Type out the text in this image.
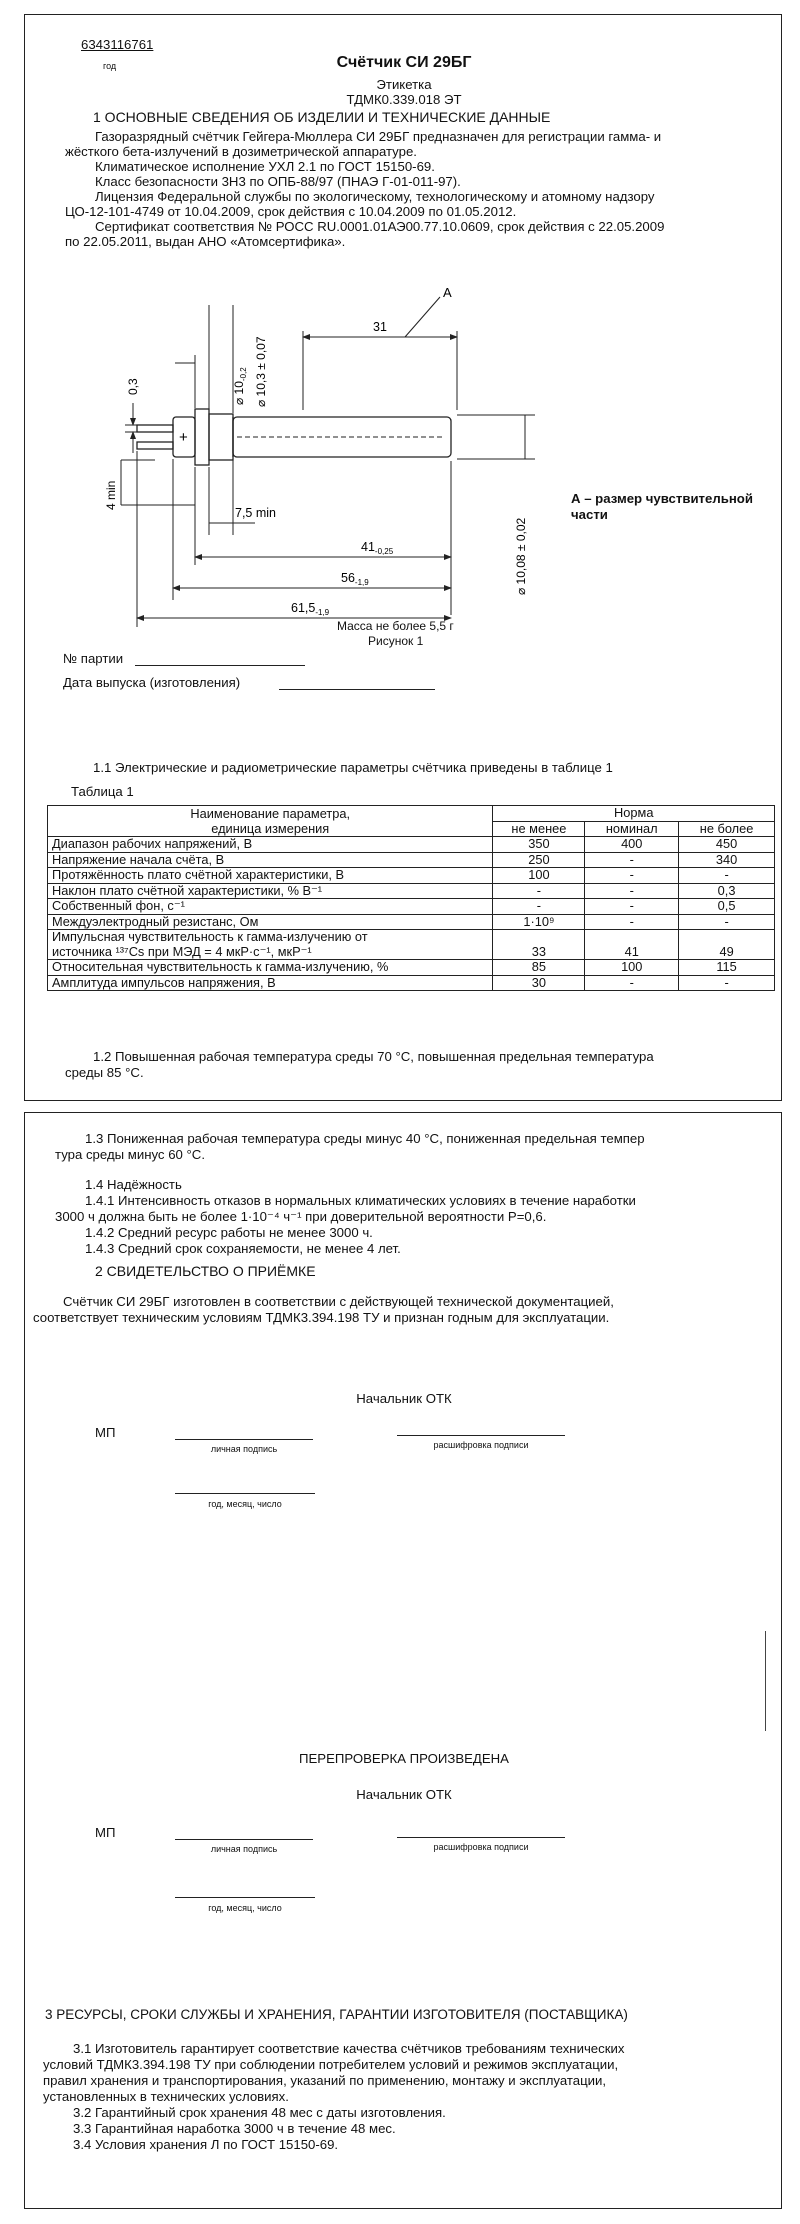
6343116761
год	Счётчик СИ 29БГ
Этикетка
ТДМК0.339.018 ЭТ
1 ОСНОВНЫЕ СВЕДЕНИЯ ОБ ИЗДЕЛИИ И ТЕХНИЧЕСКИЕ ДАННЫЕ
Газоразрядный счётчик Гейгера-Мюллера СИ 29БГ предназначен для регистрации гамма- и
жёсткого бета-излучений в дозиметрической аппаратуре.
Климатическое исполнение УХЛ 2.1 по ГОСТ 15150-69.
Класс безопасности 3Н3 по ОПБ-88/97 (ПНАЭ Г-01-011-97).
Лицензия Федеральной службы по экологическому, технологическому и атомному надзору
ЦО-12-101-4749 от 10.04.2009, срок действия с 10.04.2009 по 01.05.2012.
Сертификат соответствия № РОСС RU.0001.01АЭ00.77.10.0609, срок действия с 22.05.2009
по 22.05.2011, выдан АНО «Атомсертифика».
+
31
А
⌀ $10_{-0,2}$ ⌀ 10,3 ± 0,07
0,3
4 min
⌀ 10,08 ± 0,02
7,5 min
$41_{-0,25}$
$56_{-1,9}$
$61,5_{-1,9}$
А – размер чувствительной
части
Масса не более 5,5 г
Рисунок 1
№ партии
Дата выпуска (изготовления)
1.1 Электрические и радиометрические параметры счётчика приведены в таблице 1
Таблица 1
Наименование параметра,
единица измерения	Норма		
	не менее	номинал	не более
Диапазон рабочих напряжений, В	350	400	450
Напряжение начала счёта, В	250	-	340
Протяжённость плато счётной характеристики, В	100	-	-
Наклон плато счётной характеристики, % В⁻¹	-	-	0,3
Собственный фон, с⁻¹	-	-	0,5
Междуэлектродный резистанс, Ом	1·10⁹	-	-

Импульсная чувствительность к гамма-излучению от
источника ¹³⁷Cs при МЭД = 4 мкР·с⁻¹, мкР⁻¹	33	41	49
Относительная чувствительность к гамма-излучению, %	85	100	115
Амплитуда импульсов напряжения, В	30	-	-
1.2 Повышенная рабочая температура среды 70 °С, повышенная предельная температура
среды 85 °С.
1.3 Пониженная рабочая температура среды минус 40 °С, пониженная предельная темпер
тура среды минус 60 °С.
1.4 Надёжность
1.4.1 Интенсивность отказов в нормальных климатических условиях в течение наработки
3000 ч должна быть не более 1·10⁻⁴ ч⁻¹ при доверительной вероятности Р=0,6.
1.4.2 Средний ресурс работы не менее 3000 ч.
1.4.3 Средний срок сохраняемости, не менее 4 лет.
2 СВИДЕТЕЛЬСТВО О ПРИЁМКЕ
Счётчик СИ 29БГ изготовлен в соответствии с действующей технической документацией,
соответствует техническим условиям ТДМК3.394.198 ТУ и признан годным для эксплуатации.
Начальник ОТК
МП
личная подпись	расшифровка подписи
год, месяц, число
ПЕРЕПРОВЕРКА ПРОИЗВЕДЕНА
Начальник ОТК
МП
личная подпись	расшифровка подписи
год, месяц, число
3 РЕСУРСЫ, СРОКИ СЛУЖБЫ И ХРАНЕНИЯ, ГАРАНТИИ ИЗГОТОВИТЕЛЯ (ПОСТАВЩИКА)
3.1 Изготовитель гарантирует соответствие качества счётчиков требованиям технических
условий ТДМК3.394.198 ТУ при соблюдении потребителем условий и режимов эксплуатации,
правил хранения и транспортирования, указаний по применению, монтажу и эксплуатации,
установленных в технических условиях.
3.2 Гарантийный срок хранения 48 мес с даты изготовления.
3.3 Гарантийная наработка 3000 ч в течение 48 мес.
3.4 Условия хранения Л по ГОСТ 15150-69.
